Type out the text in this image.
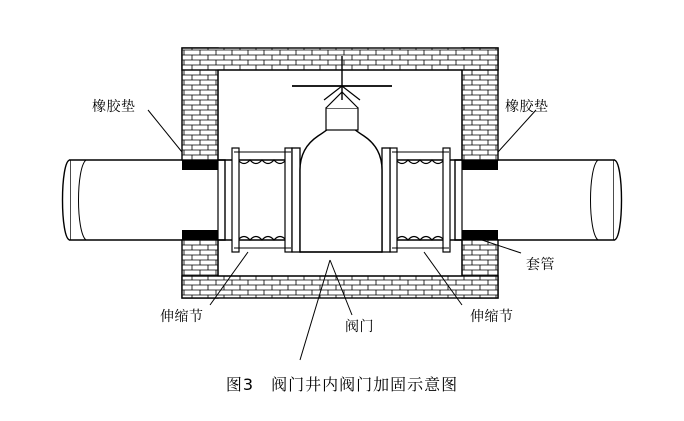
橡胶垫	橡胶垫
套管
伸缩节
阀门
伸缩节
图3　阀门井内阀门加固示意图
